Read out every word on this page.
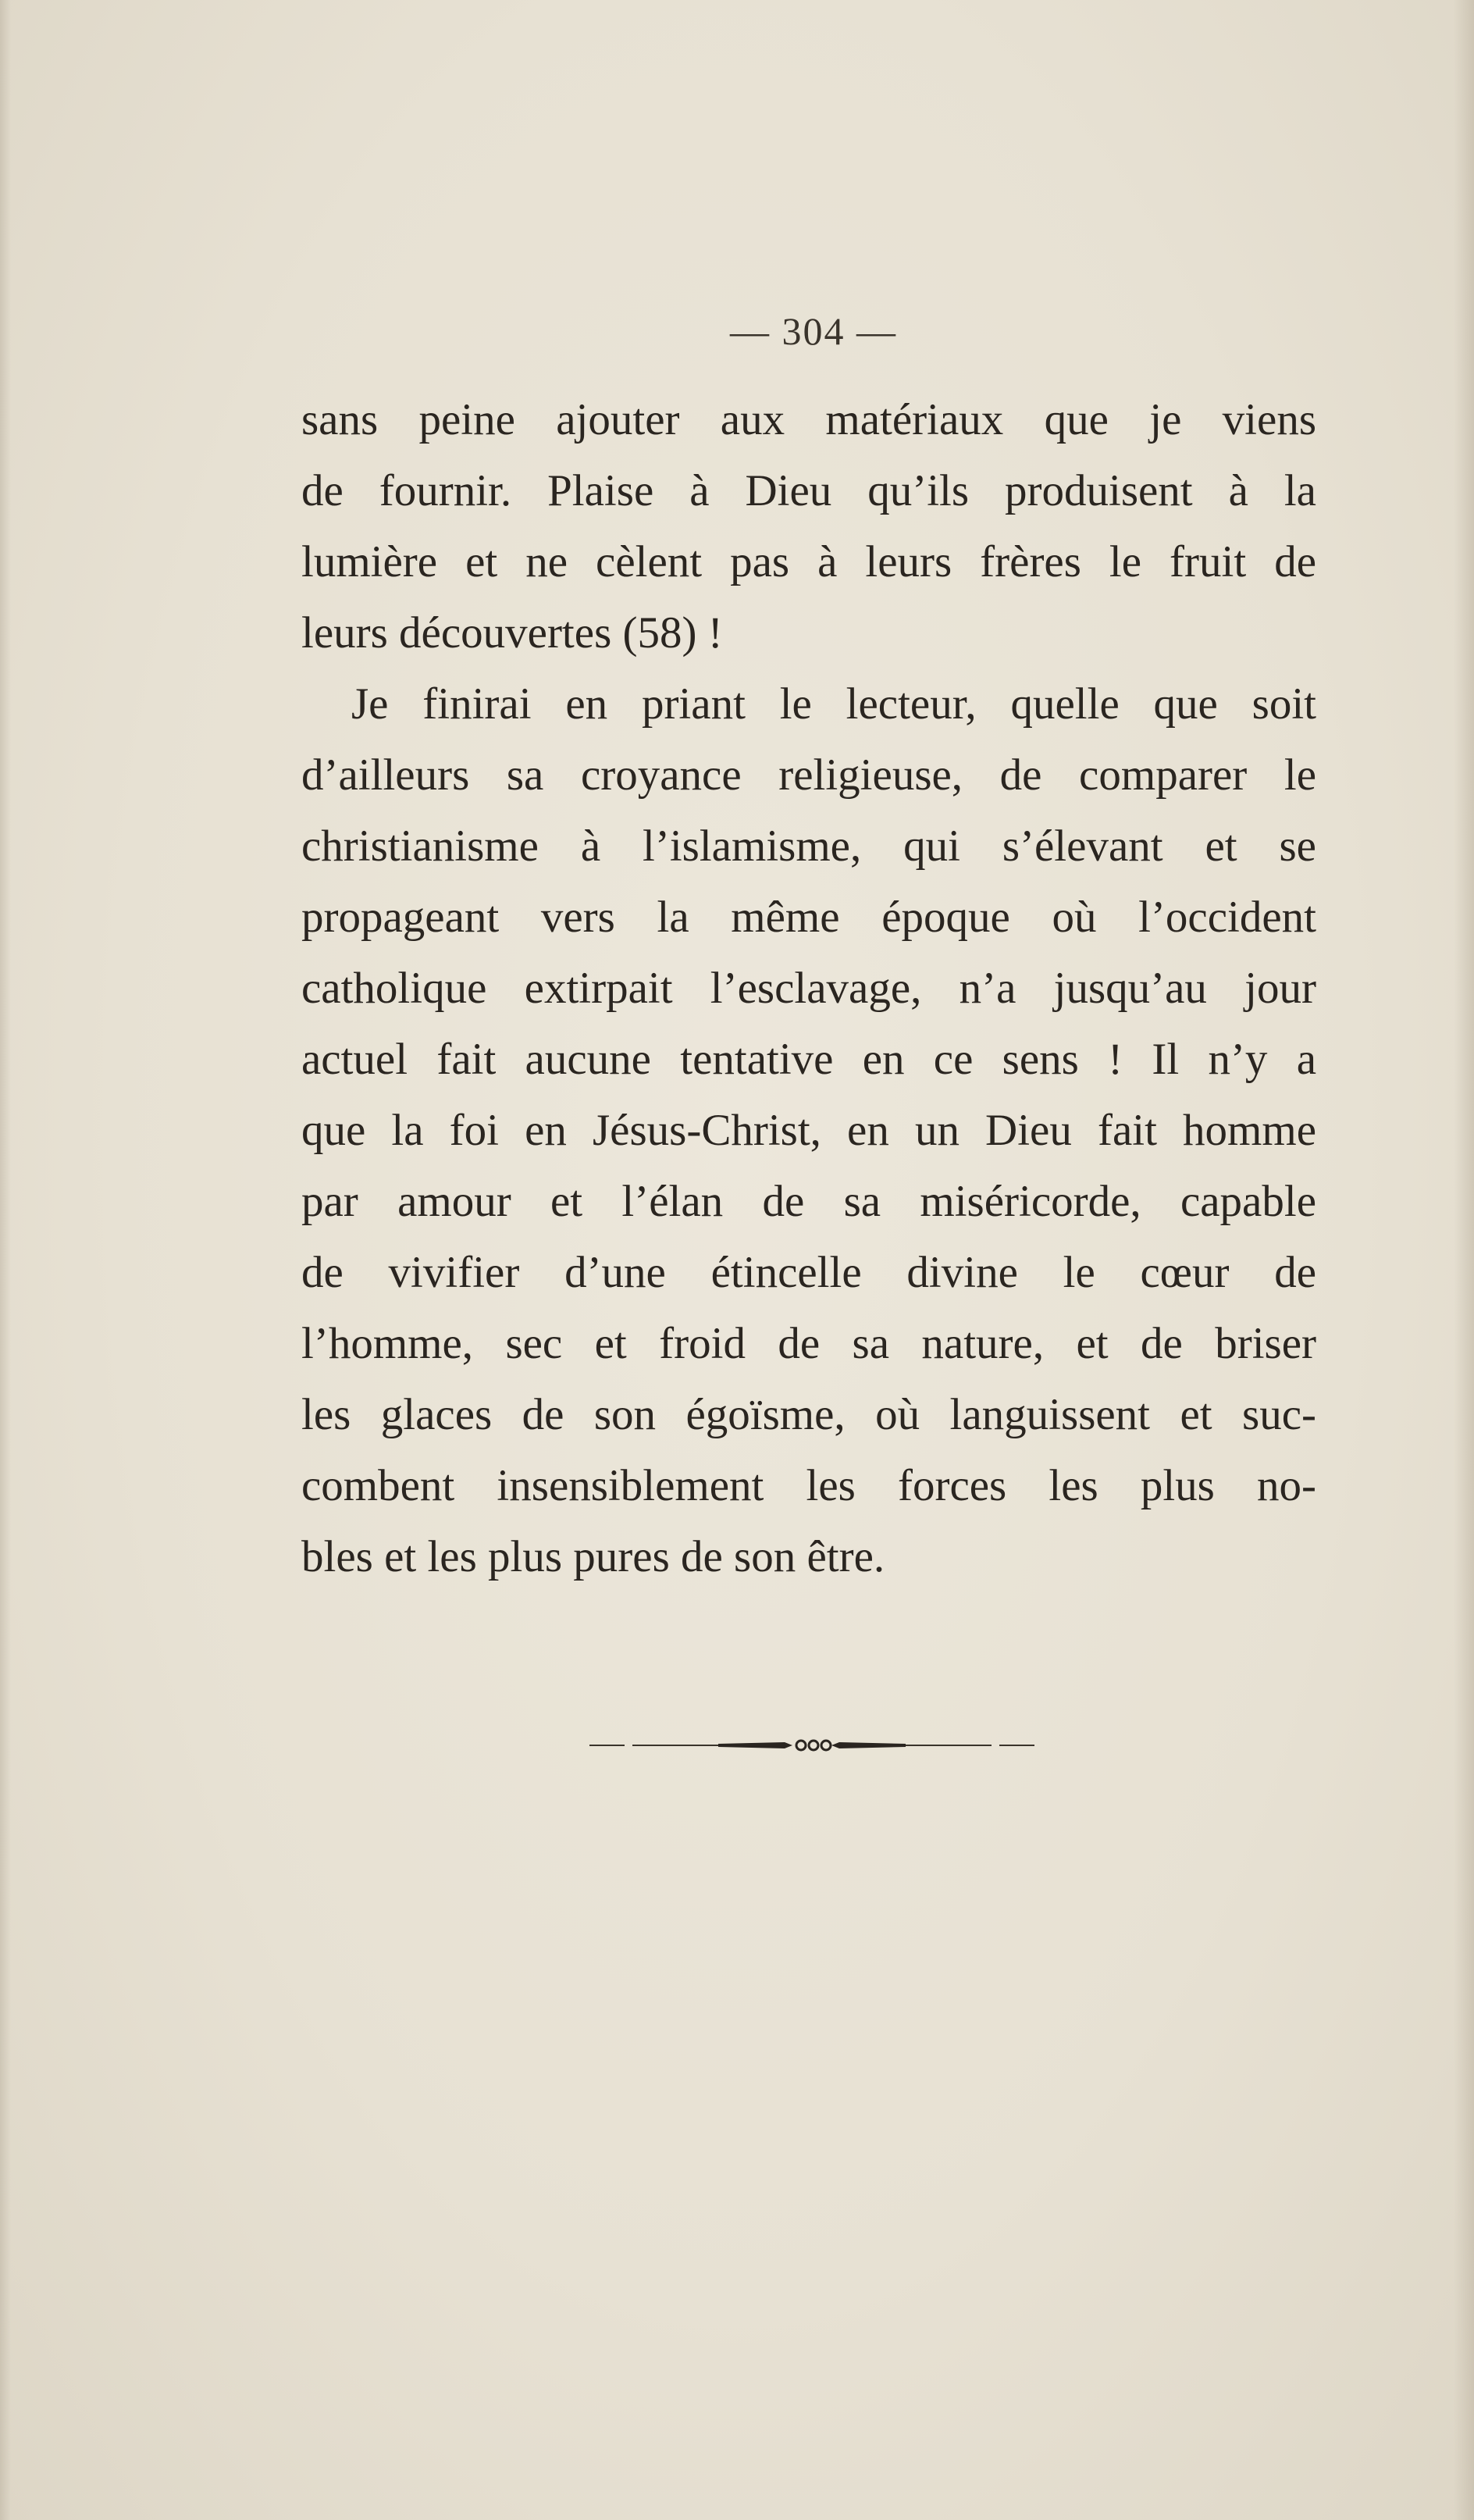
— 304 —

sans peine ajouter aux matériaux que je viens
de fournir. Plaise à Dieu qu’ils produisent à la
lumière et ne cèlent pas à leurs frères le fruit de
leurs découvertes (58) !

Je finirai en priant le lecteur, quelle que soit
d’ailleurs sa croyance religieuse, de comparer le
christianisme à l’islamisme, qui s’élevant et se
propageant vers la même époque où l’occident
catholique extirpait l’esclavage, n’a jusqu’au jour
actuel fait aucune tentative en ce sens ! Il n’y a
que la foi en Jésus-Christ, en un Dieu fait homme
par amour et l’élan de sa miséricorde, capable
de vivifier d’une étincelle divine le cœur de
l’homme, sec et froid de sa nature, et de briser
les glaces de son égoïsme, où languissent et suc-
combent insensiblement les forces les plus no-
bles et les plus pures de son être.
